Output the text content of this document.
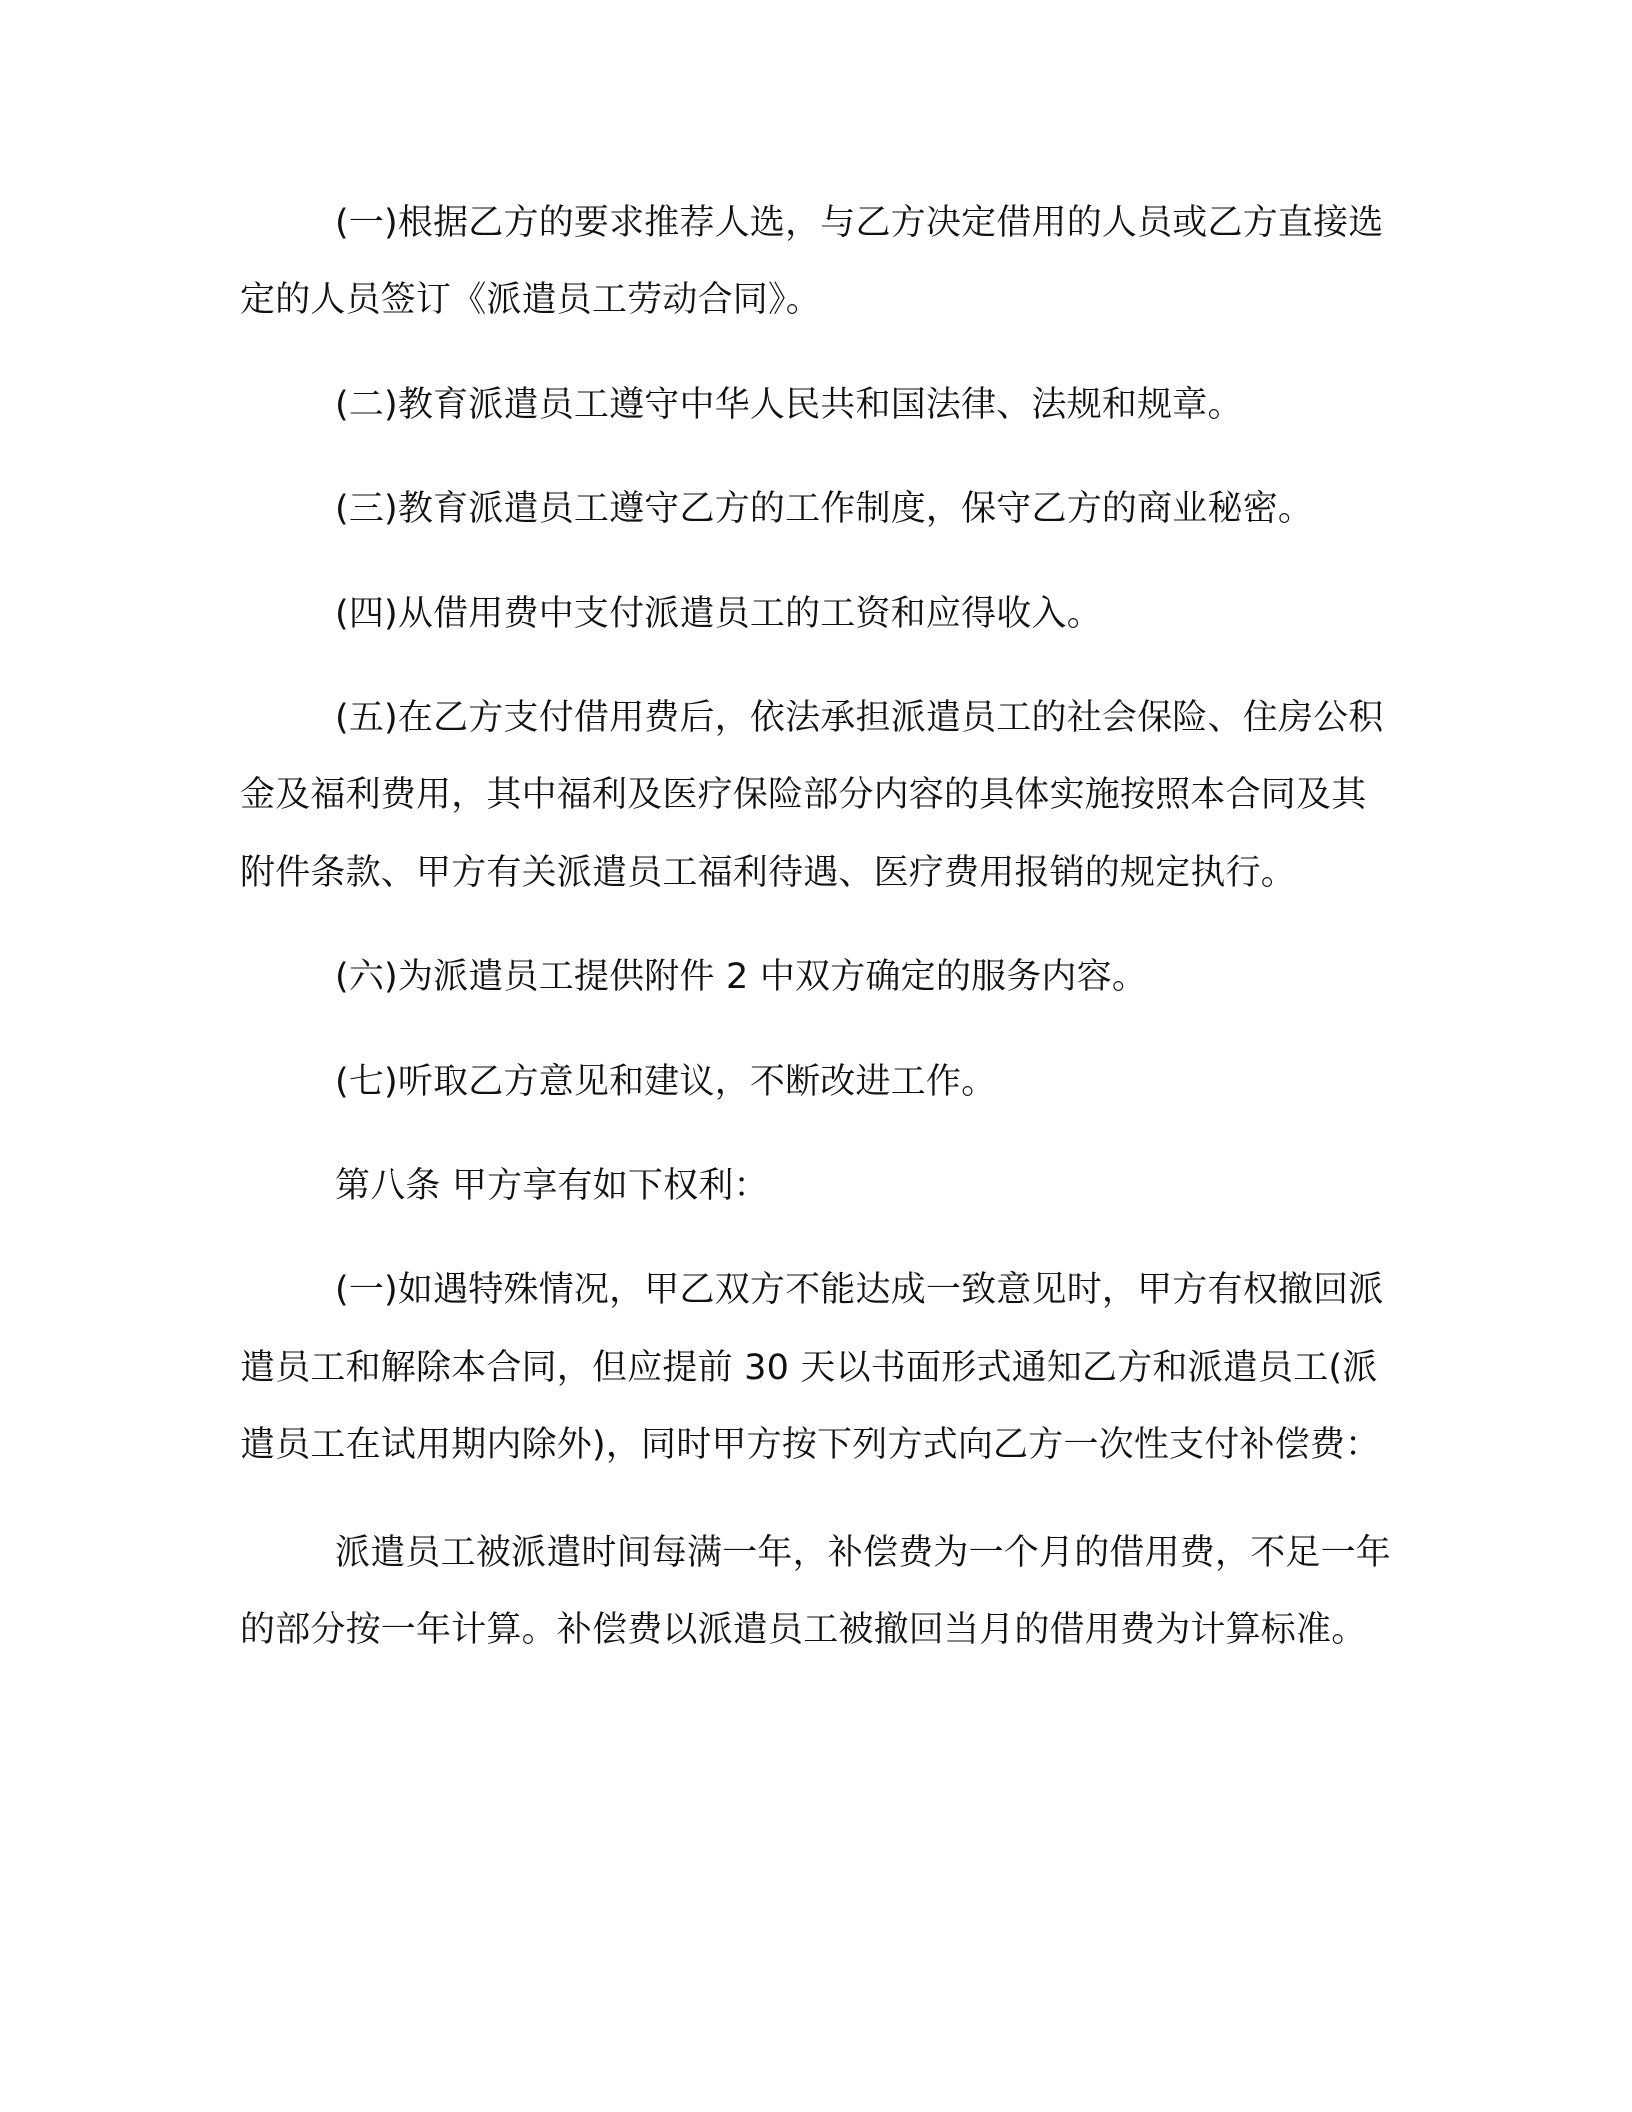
(一)根据乙方的要求推荐人选，与乙方决定借用的人员或乙方直接选定的人员签订《派遣员工劳动合同》。

(二)教育派遣员工遵守中华人民共和国法律、法规和规章。

(三)教育派遣员工遵守乙方的工作制度，保守乙方的商业秘密。

(四)从借用费中支付派遣员工的工资和应得收入。

(五)在乙方支付借用费后，依法承担派遣员工的社会保险、住房公积金及福利费用，其中福利及医疗保险部分内容的具体实施按照本合同及其附件条款、甲方有关派遣员工福利待遇、医疗费用报销的规定执行。

(六)为派遣员工提供附件 2 中双方确定的服务内容。

(七)听取乙方意见和建议，不断改进工作。

第八条 甲方享有如下权利：

(一)如遇特殊情况，甲乙双方不能达成一致意见时，甲方有权撤回派遣员工和解除本合同，但应提前 30 天以书面形式通知乙方和派遣员工(派遣员工在试用期内除外)，同时甲方按下列方式向乙方一次性支付补偿费：

派遣员工被派遣时间每满一年，补偿费为一个月的借用费，不足一年的部分按一年计算。补偿费以派遣员工被撤回当月的借用费为计算标准。
